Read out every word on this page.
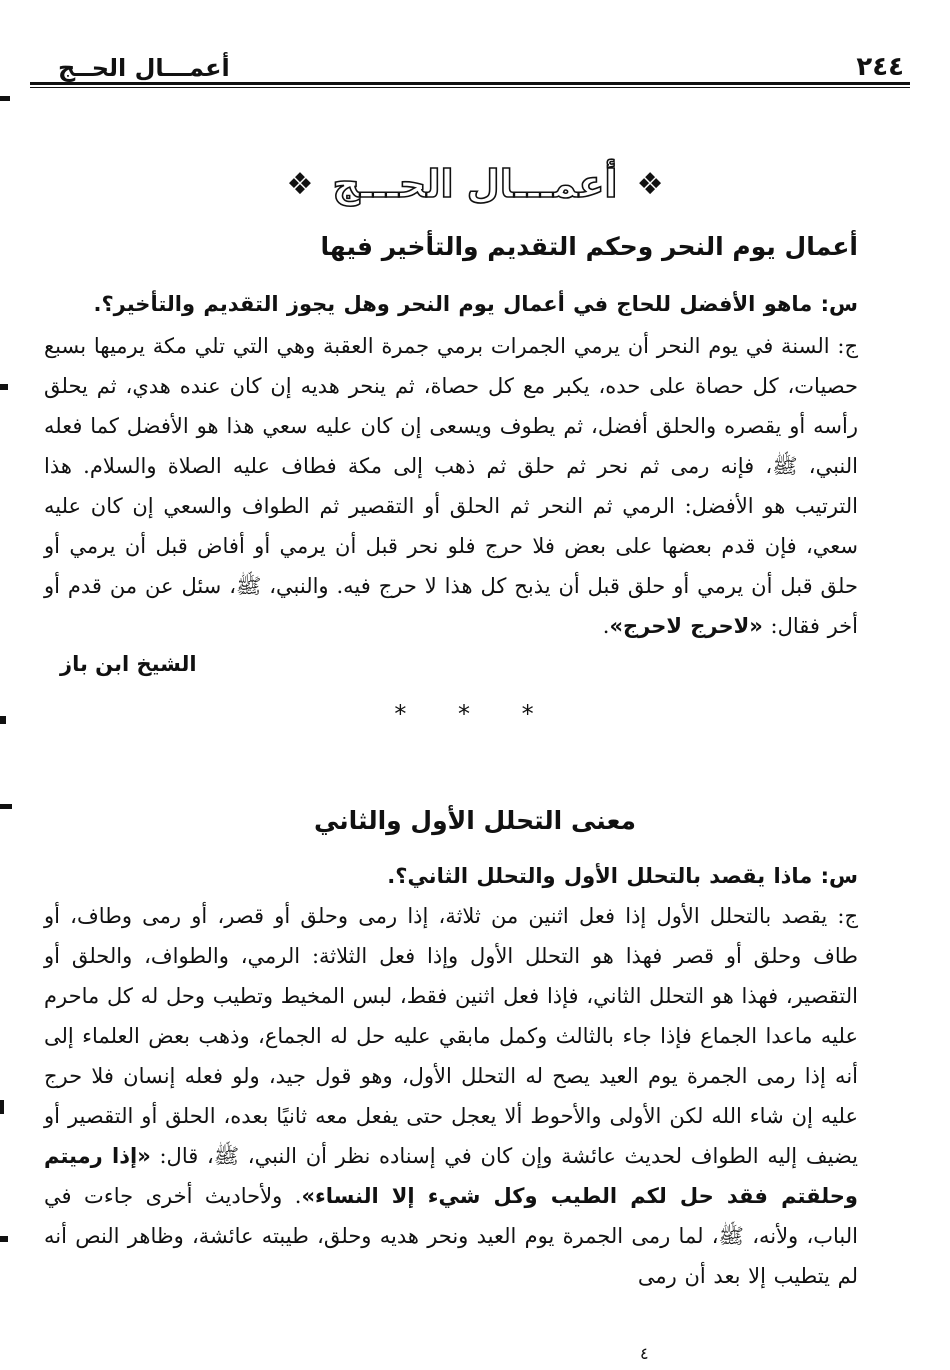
٢٤٤
أعمـــال الحــج
❖ أعمـــال الحـــج ❖
أعمال يوم النحر وحكم التقديم والتأخير فيها
س: ماهو الأفضل للحاج في أعمال يوم النحر وهل يجوز التقديم والتأخير؟.
ج: السنة في يوم النحر أن يرمي الجمرات برمي جمرة العقبة وهي التي تلي مكة يرميها بسبع حصيات، كل حصاة على حده، يكبر مع كل حصاة، ثم ينحر هديه إن كان عنده هدي، ثم يحلق رأسه أو يقصره والحلق أفضل، ثم يطوف ويسعى إن كان عليه سعي هذا هو الأفضل كما فعله النبي، ﷺ، فإنه رمى ثم نحر ثم حلق ثم ذهب إلى مكة فطاف عليه الصلاة والسلام. هذا الترتيب هو الأفضل: الرمي ثم النحر ثم الحلق أو التقصير ثم الطواف والسعي إن كان عليه سعي، فإن قدم بعضها على بعض فلا حرج فلو نحر قبل أن يرمي أو أفاض قبل أن يرمي أو حلق قبل أن يرمي أو حلق قبل أن يذبح كل هذا لا حرج فيه. والنبي، ﷺ، سئل عن من قدم أو أخر فقال: «لاحرج لاحرج».
الشيخ ابن باز
* * *
معنى التحلل الأول والثاني
س: ماذا يقصد بالتحلل الأول والتحلل الثاني؟.
ج: يقصد بالتحلل الأول إذا فعل اثنين من ثلاثة، إذا رمى وحلق أو قصر، أو رمى وطاف، أو طاف وحلق أو قصر فهذا هو التحلل الأول وإذا فعل الثلاثة: الرمي، والطواف، والحلق أو التقصير، فهذا هو التحلل الثاني، فإذا فعل اثنين فقط، لبس المخيط وتطيب وحل له كل ماحرم عليه ماعدا الجماع فإذا جاء بالثالث وكمل مابقي عليه حل له الجماع، وذهب بعض العلماء إلى أنه إذا رمى الجمرة يوم العيد يصح له التحلل الأول، وهو قول جيد، ولو فعله إنسان فلا حرج عليه إن شاء الله لكن الأولى والأحوط ألا يعجل حتى يفعل معه ثانيًا بعده، الحلق أو التقصير أو يضيف إليه الطواف لحديث عائشة وإن كان في إسناده نظر أن النبي، ﷺ، قال: «إذا رميتم وحلقتم فقد حل لكم الطيب وكل شيء إلا النساء». ولأحاديث أخرى جاءت في الباب، ولأنه، ﷺ، لما رمى الجمرة يوم العيد ونحر هديه وحلق، طيبته عائشة، وظاهر النص أنه لم يتطيب إلا بعد أن رمى
٤
